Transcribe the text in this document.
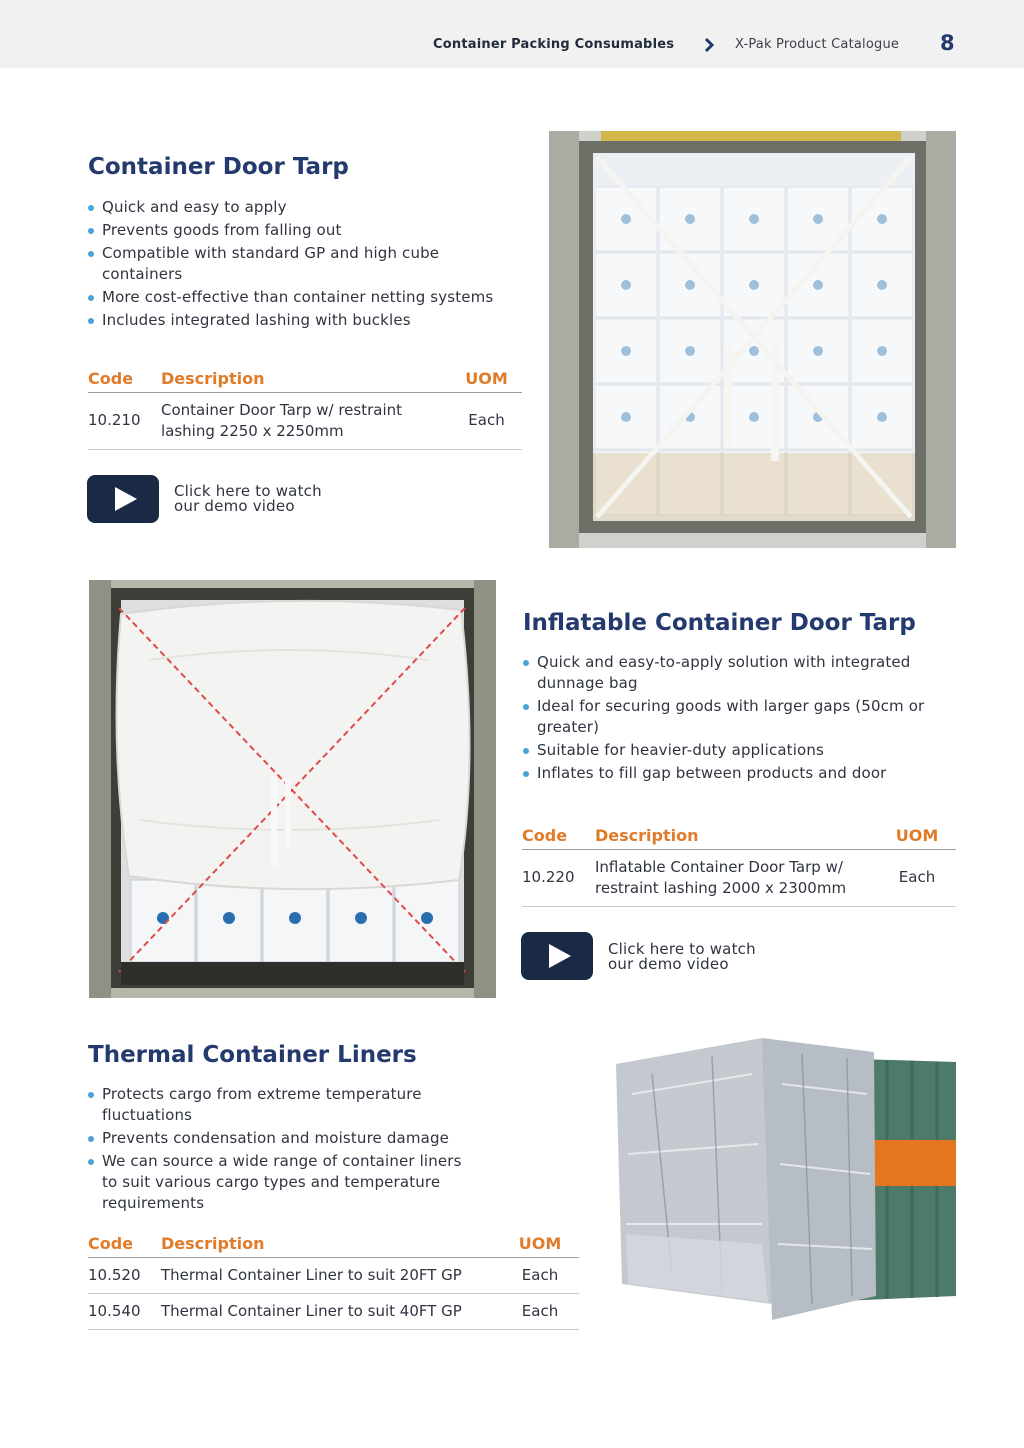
Container Packing Consumables	X-Pak Product Catalogue 8
Container Door Tarp
Quick and easy to apply
Prevents goods from falling out
Compatible with standard GP and high cube containers
More cost-effective than container netting systems
Includes integrated lashing with buckles
Code	Description	UOM
10.210	Container Door Tarp w/ restraint lashing 2250 x 2250mm	Each
Click here to watch
our demo video
Inflatable Container Door Tarp
Quick and easy-to-apply solution with integrated dunnage bag
Ideal for securing goods with larger gaps (50cm or greater)
Suitable for heavier-duty applications
Inflates to fill gap between products and door
Code	Description	UOM
10.220	Inflatable Container Door Tarp w/ restraint lashing 2000 x 2300mm	Each
Click here to watch
our demo video
Thermal Container Liners
Protects cargo from extreme temperature fluctuations
Prevents condensation and moisture damage
We can source a wide range of container liners to suit various cargo types and temperature requirements
Code	Description	UOM
10.520	Thermal Container Liner to suit 20FT GP	Each
10.540	Thermal Container Liner to suit 40FT GP	Each
